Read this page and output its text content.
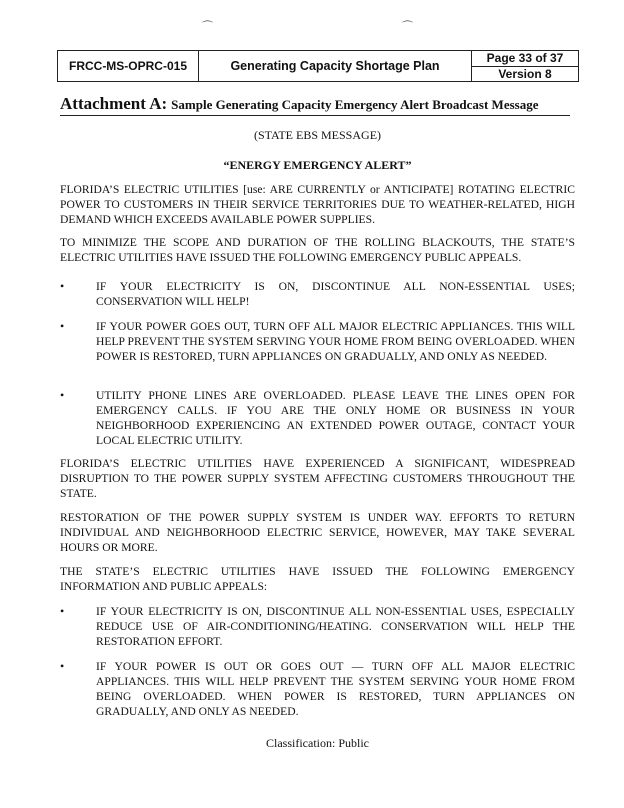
⌒	⌒
FRCC-MS-OPRC-015	Generating Capacity Shortage Plan
Page 33 of 37
Version 8
Attachment A: Sample Generating Capacity Emergency Alert Broadcast Message
(STATE EBS MESSAGE)
“ENERGY EMERGENCY ALERT”
FLORIDA’S ELECTRIC UTILITIES [use: ARE CURRENTLY or ANTICIPATE] ROTATING ELECTRIC POWER TO CUSTOMERS IN THEIR SERVICE TERRITORIES DUE TO WEATHER-RELATED, HIGH DEMAND WHICH EXCEEDS AVAILABLE POWER SUPPLIES.
TO MINIMIZE THE SCOPE AND DURATION OF THE ROLLING BLACKOUTS, THE STATE’S ELECTRIC UTILITIES HAVE ISSUED THE FOLLOWING EMERGENCY PUBLIC APPEALS.
•	IF YOUR ELECTRICITY IS ON, DISCONTINUE ALL NON-ESSENTIAL USES; CONSERVATION WILL HELP!
•	IF YOUR POWER GOES OUT, TURN OFF ALL MAJOR ELECTRIC APPLIANCES. THIS WILL HELP PREVENT THE SYSTEM SERVING YOUR HOME FROM BEING OVERLOADED. WHEN POWER IS RESTORED, TURN APPLIANCES ON GRADUALLY, AND ONLY AS NEEDED.
•	UTILITY PHONE LINES ARE OVERLOADED. PLEASE LEAVE THE LINES OPEN FOR EMERGENCY CALLS. IF YOU ARE THE ONLY HOME OR BUSINESS IN YOUR NEIGHBORHOOD EXPERIENCING AN EXTENDED POWER OUTAGE, CONTACT YOUR LOCAL ELECTRIC UTILITY.
FLORIDA’S ELECTRIC UTILITIES HAVE EXPERIENCED A SIGNIFICANT, WIDESPREAD DISRUPTION TO THE POWER SUPPLY SYSTEM AFFECTING CUSTOMERS THROUGHOUT THE STATE.
RESTORATION OF THE POWER SUPPLY SYSTEM IS UNDER WAY. EFFORTS TO RETURN INDIVIDUAL AND NEIGHBORHOOD ELECTRIC SERVICE, HOWEVER, MAY TAKE SEVERAL HOURS OR MORE.
THE STATE’S ELECTRIC UTILITIES HAVE ISSUED THE FOLLOWING EMERGENCY INFORMATION AND PUBLIC APPEALS:
•	IF YOUR ELECTRICITY IS ON, DISCONTINUE ALL NON-ESSENTIAL USES, ESPECIALLY REDUCE USE OF AIR-CONDITIONING/HEATING. CONSERVATION WILL HELP THE RESTORATION EFFORT.
•	IF YOUR POWER IS OUT OR GOES OUT — TURN OFF ALL MAJOR ELECTRIC APPLIANCES. THIS WILL HELP PREVENT THE SYSTEM SERVING YOUR HOME FROM BEING OVERLOADED. WHEN POWER IS RESTORED, TURN APPLIANCES ON GRADUALLY, AND ONLY AS NEEDED.
Classification: Public
